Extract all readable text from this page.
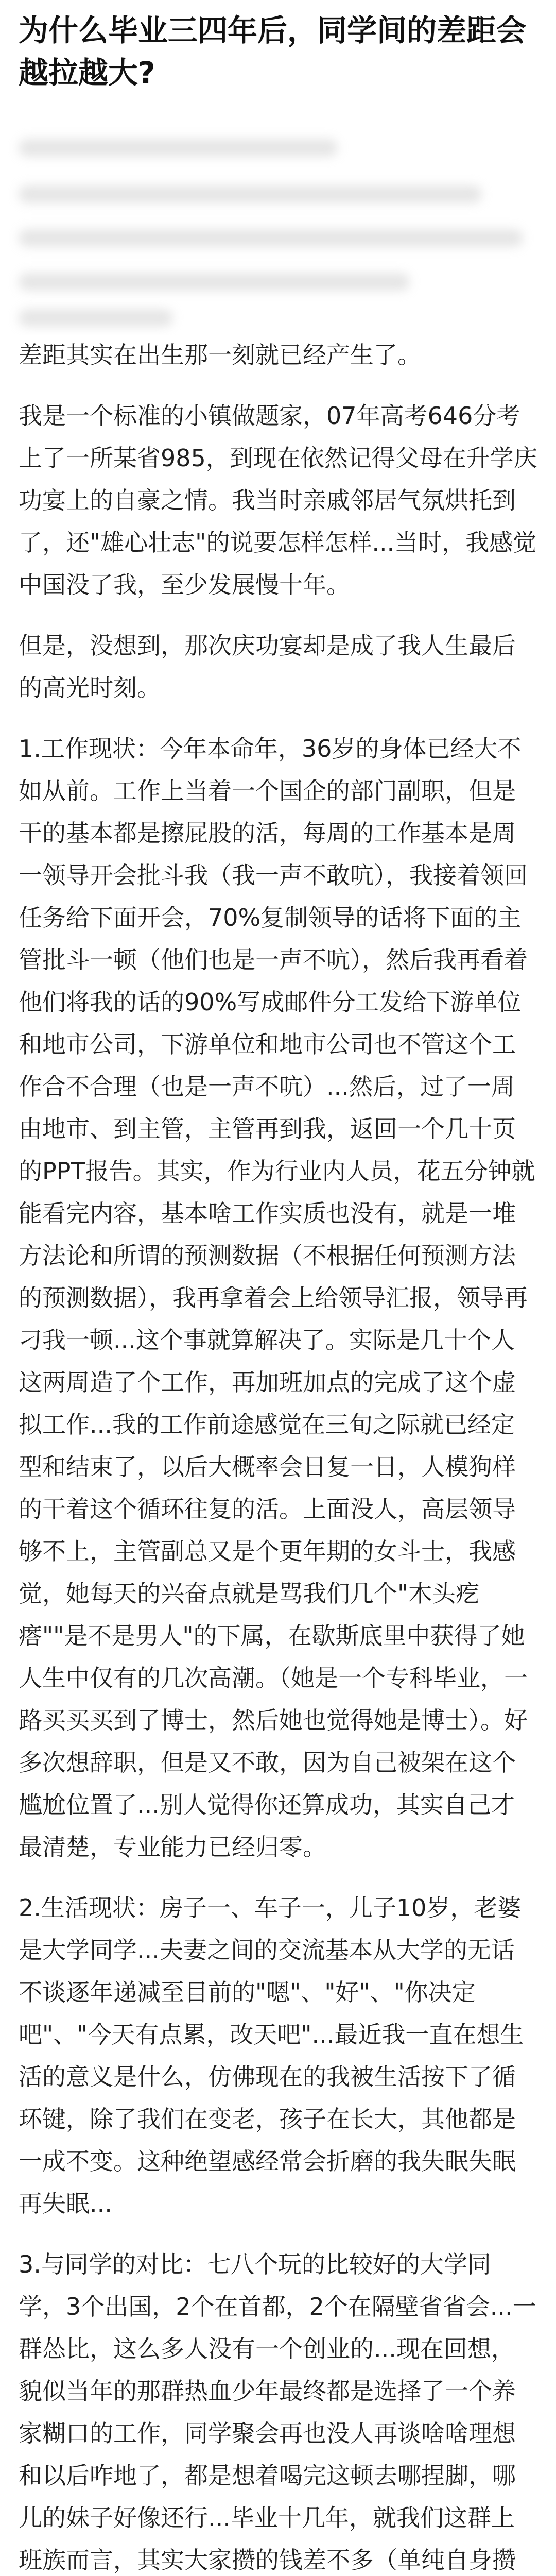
为什么毕业三四年后，同学间的差距会越拉越大?

差距其实在出生那一刻就已经产生了。

我是一个标准的小镇做题家，07年高考646分考上了一所某省985，到现在依然记得父母在升学庆功宴上的自豪之情。我当时亲戚邻居气氛烘托到了，还"雄心壮志"的说要怎样怎样...当时，我感觉中国没了我，至少发展慢十年。

但是，没想到，那次庆功宴却是成了我人生最后的高光时刻。

1.工作现状：今年本命年，36岁的身体已经大不如从前。工作上当着一个国企的部门副职，但是干的基本都是擦屁股的活，每周的工作基本是周一领导开会批斗我（我一声不敢吭），我接着领回任务给下面开会，70%复制领导的话将下面的主管批斗一顿（他们也是一声不吭），然后我再看着他们将我的话的90%写成邮件分工发给下游单位和地市公司，下游单位和地市公司也不管这个工作合不合理（也是一声不吭）...然后，过了一周由地市、到主管，主管再到我，返回一个几十页的PPT报告。其实，作为行业内人员，花五分钟就能看完内容，基本啥工作实质也没有，就是一堆方法论和所谓的预测数据（不根据任何预测方法的预测数据），我再拿着会上给领导汇报，领导再刁我一顿...这个事就算解决了。实际是几十个人这两周造了个工作，再加班加点的完成了这个虚拟工作...我的工作前途感觉在三旬之际就已经定型和结束了，以后大概率会日复一日，人模狗样的干着这个循环往复的活。上面没人，高层领导够不上，主管副总又是个更年期的女斗士，我感觉，她每天的兴奋点就是骂我们几个"木头疙瘩""是不是男人"的下属，在歇斯底里中获得了她人生中仅有的几次高潮。（她是一个专科毕业，一路买买买到了博士，然后她也觉得她是博士）。好多次想辞职，但是又不敢，因为自己被架在这个尴尬位置了...别人觉得你还算成功，其实自己才最清楚，专业能力已经归零。

2.生活现状：房子一、车子一，儿子10岁，老婆是大学同学...夫妻之间的交流基本从大学的无话不谈逐年递减至目前的"嗯"、"好"、"你决定吧"、"今天有点累，改天吧"...最近我一直在想生活的意义是什么，仿佛现在的我被生活按下了循环键，除了我们在变老，孩子在长大，其他都是一成不变。这种绝望感经常会折磨的我失眠失眠再失眠...

3.与同学的对比：七八个玩的比较好的大学同学，3个出国，2个在首都，2个在隔壁省省会...一群怂比，这么多人没有一个创业的...现在回想，貌似当年的那群热血少年最终都是选择了一个养家糊口的工作，同学聚会再也没人再谈啥啥理想和以后咋地了，都是想着喝完这顿去哪捏脚，哪儿的妹子好像还行...毕业十几年，就我们这群上班族而言，其实大家攒的钱差不多（单纯自身攒
